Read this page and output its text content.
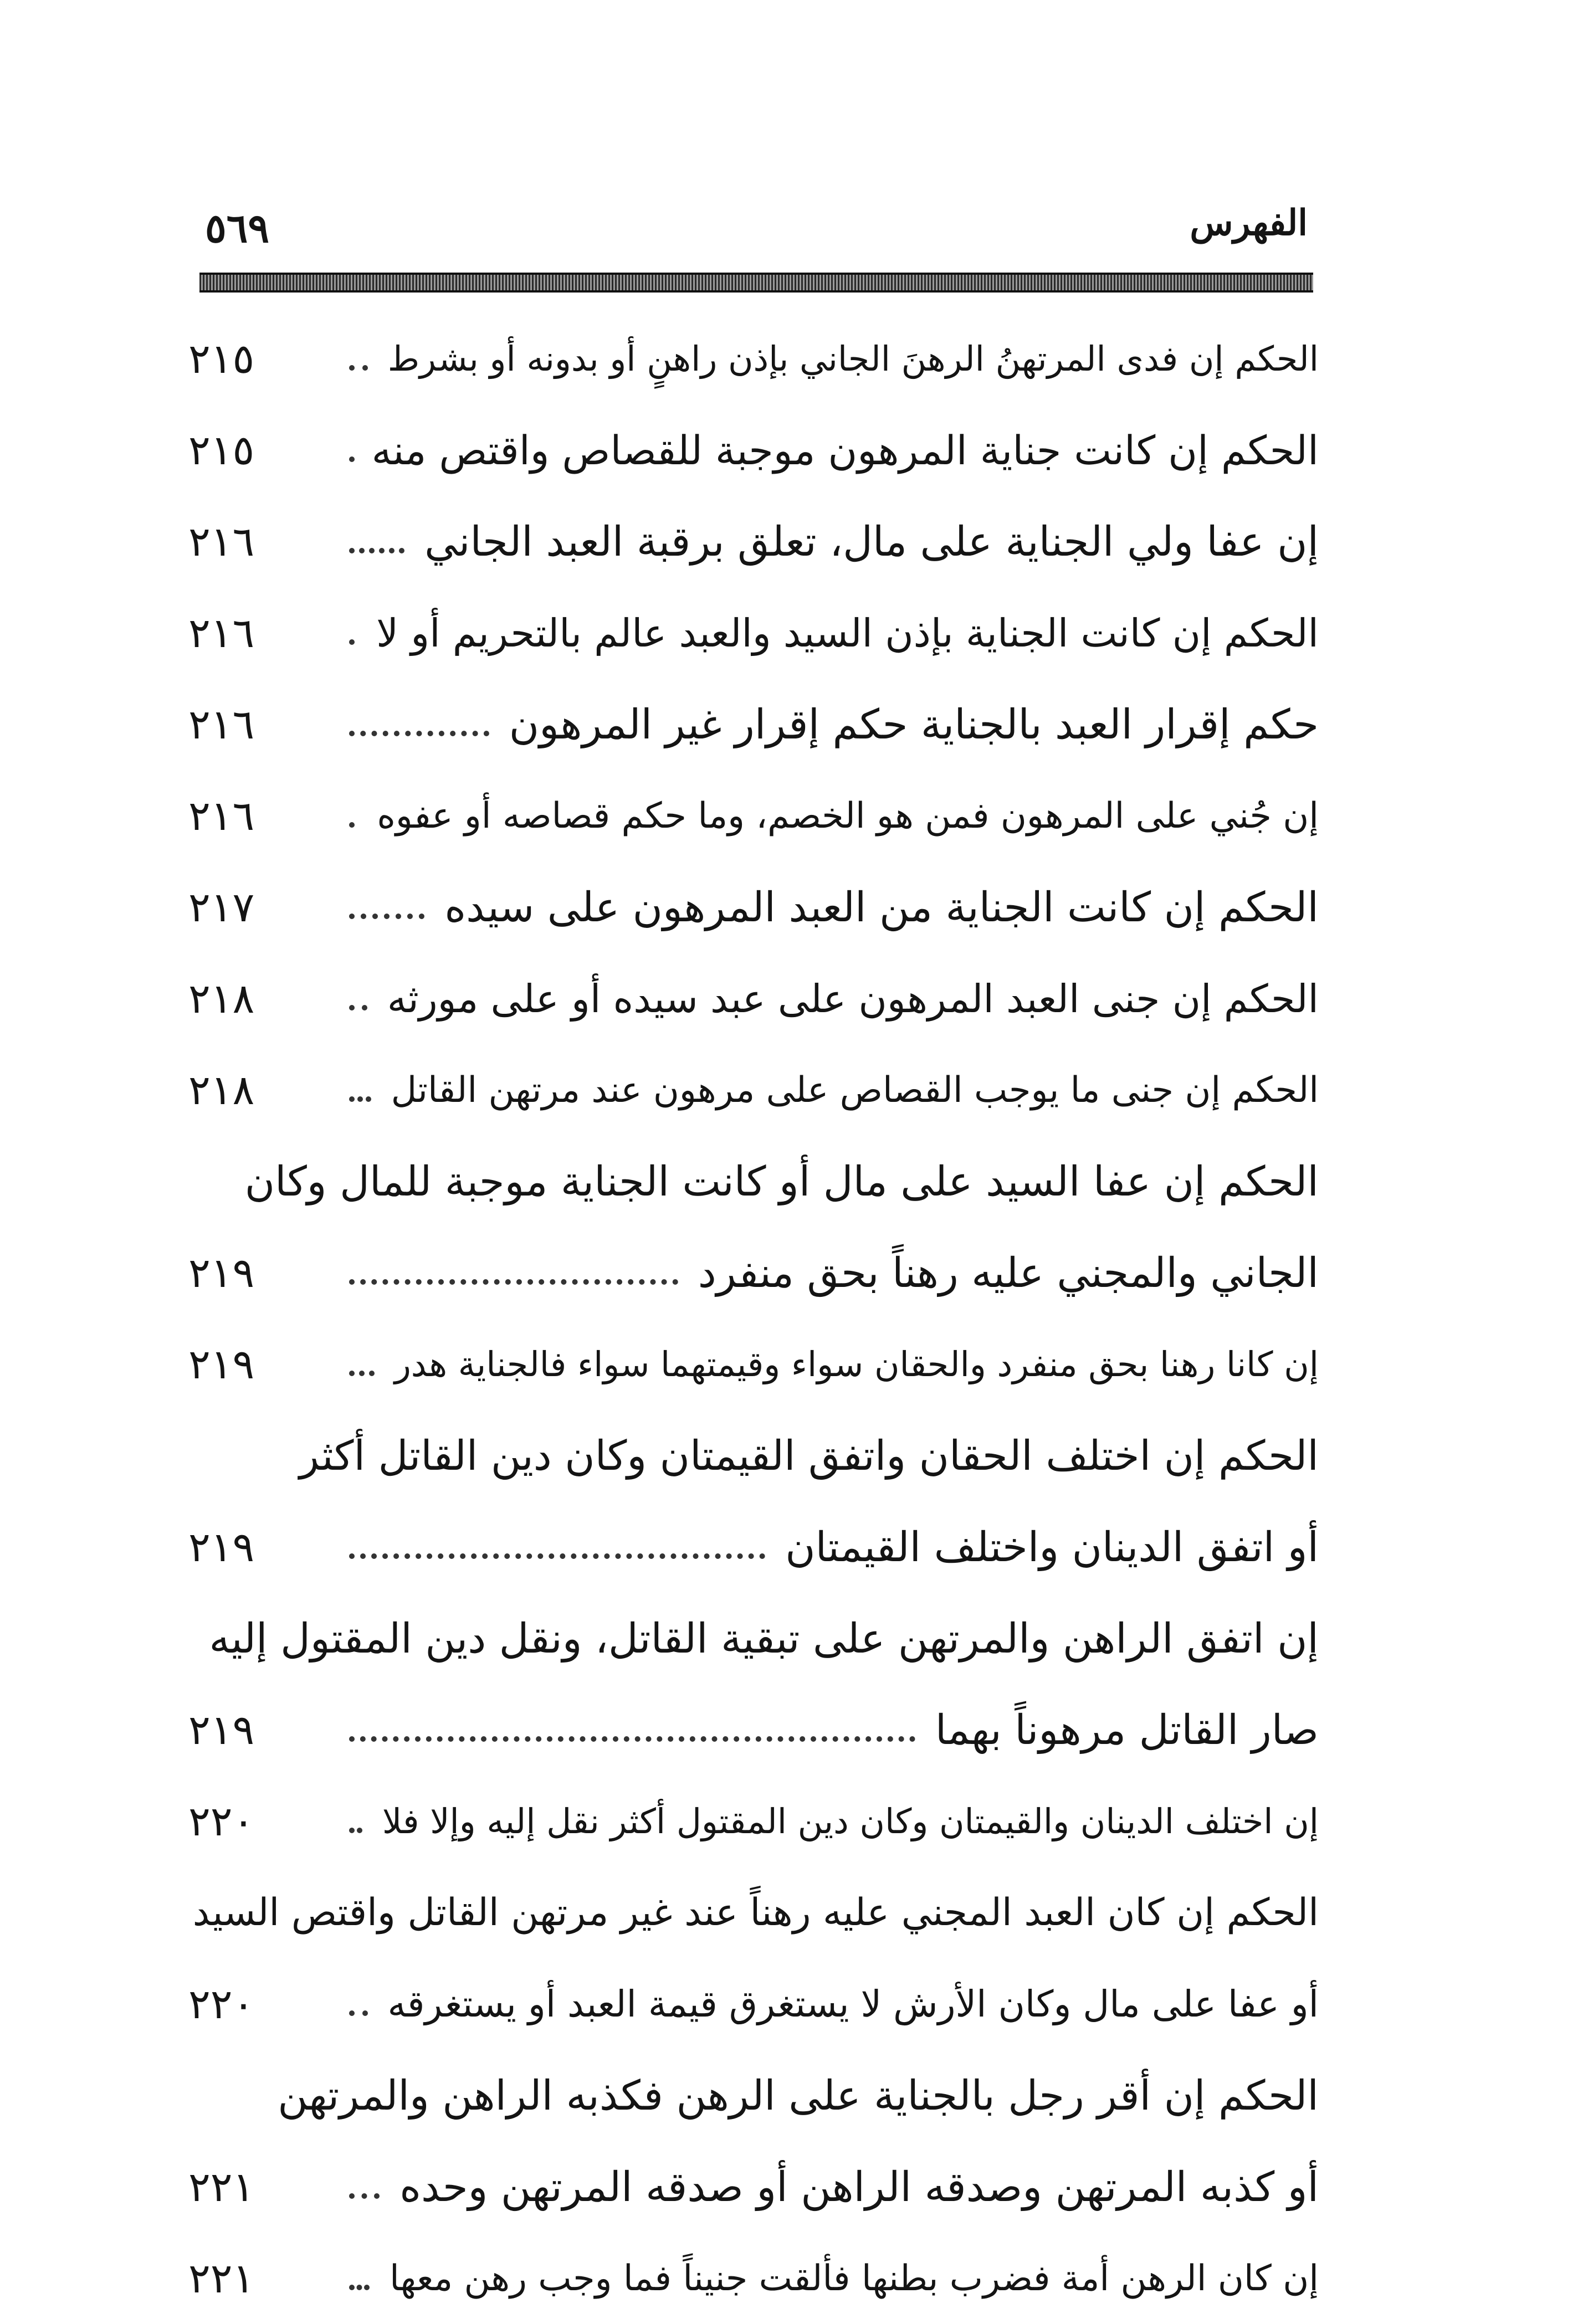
٥٦٩	الفهرس
الحكم إن فدى المرتهنُ الرهنَ الجاني بإذن راهنٍ أو بدونه أو بشرط
٢١٥
الحكم إن كانت جناية المرهون موجبة للقصاص واقتص منه
٢١٥
إن عفا ولي الجناية على مال، تعلق برقبة العبد الجاني
٢١٦
الحكم إن كانت الجناية بإذن السيد والعبد عالم بالتحريم أو لا
٢١٦
حكم إقرار العبد بالجناية حكم إقرار غير المرهون
٢١٦
إن جُني على المرهون فمن هو الخصم، وما حكم قصاصه أو عفوه
٢١٦
الحكم إن كانت الجناية من العبد المرهون على سيده
٢١٧
الحكم إن جنى العبد المرهون على عبد سيده أو على مورثه
٢١٨
الحكم إن جنى ما يوجب القصاص على مرهون عند مرتهن القاتل
٢١٨
الحكم إن عفا السيد على مال أو كانت الجناية موجبة للمال وكان
الجاني والمجني عليه رهناً بحق منفرد
٢١٩
إن كانا رهنا بحق منفرد والحقان سواء وقيمتهما سواء فالجناية هدر
٢١٩
الحكم إن اختلف الحقان واتفق القيمتان وكان دين القاتل أكثر
أو اتفق الدينان واختلف القيمتان
٢١٩
إن اتفق الراهن والمرتهن على تبقية القاتل، ونقل دين المقتول إليه
صار القاتل مرهوناً بهما
٢١٩
إن اختلف الدينان والقيمتان وكان دين المقتول أكثر نقل إليه وإلا فلا
٢٢٠
الحكم إن كان العبد المجني عليه رهناً عند غير مرتهن القاتل واقتص السيد
أو عفا على مال وكان الأرش لا يستغرق قيمة العبد أو يستغرقه
٢٢٠
الحكم إن أقر رجل بالجناية على الرهن فكذبه الراهن والمرتهن
أو كذبه المرتهن وصدقه الراهن أو صدقه المرتهن وحده
٢٢١
إن كان الرهن أمة فضرب بطنها فألقت جنيناً فما وجب رهن معها
٢٢١
